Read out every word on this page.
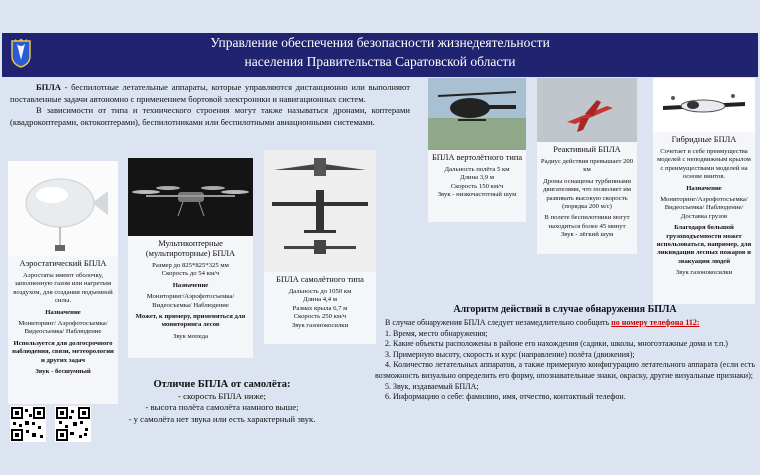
Управление обеспечения безопасности жизнедеятельности
населения Правительства Саратовской области

БПЛА - беспилотные летательные аппараты, которые управляются дистанционно или выполняют поставленные задачи автономно с применением бортовой электроники и навигационных систем.

В зависимости от типа и технического строения могут также называться дронами, коптерами (квадрокоптерами, октокоптерами), беспилотниками или беспилотными авиационными системами.

Аэростатический БПЛА

Аэростаты имеют оболочку, заполненную газом или нагретым воздухом, для создания подъемной силы.

Назначение

Мониторинг/ Аэрофотосъемка/Видеосъемка/ Наблюдение

Используется для долгосрочного наблюдения, связи, метеорологии и других задач

Звук - бесшумный

Мультикоптерные (мультироторные) БПЛА

Размер до 825*825*325 мм

Скорость до 54 км/ч

Назначение

Мониторинг/Аэрофотосъемка/ Видеосъемка/ Наблюдение

Может, к примеру, применяться для мониторинга лесов

Звук мопеда

БПЛА самолётного типа

Дальность до 1050 км

Длина 4,4 м

Размах крыла 6,7 м

Скорость 250 км/ч

Звук газонокосилки

БПЛА вертолётного типа

Дальность полёта 5 км

Длина 3,9 м

Скорость 150 км/ч

Звук - низкочастотный шум

Реактивный БПЛА

Радиус действия превышает 200 км

Дроны оснащены турбинными двигателями, что позволяет им развивать высокую скорость (порядка 200 м/с)

В полете беспилотники могут находиться более 45 минут

Звук - лёгкий шум

Гибридные БПЛА

Сочетает в себе преимущества моделей с неподвижным крылом с преимуществами моделей на основе винтов.

Назначение

Мониторинг/Аэрофотосъемка/ Видеосъемка/ Наблюдение/ Доставка грузов

Благодаря большой грузоподъемности может использоваться, например, для ликвидации лесных пожаров и эвакуации людей

Звук газонокосилки

Отличие БПЛА от самолёта:
- скорость БПЛА ниже;
- высота полёта самолёта намного выше;
- у самолёта нет звука или есть характерный звук.
Алгоритм действий в случае обнаружения БПЛА

В случае обнаружения БПЛА следует незамедлительно сообщить по номеру телефона 112:

1. Время, место обнаружения;

2. Какие объекты расположены в районе его нахождения (садики, школы, многоэтажные дома и т.п.)

3. Примерную высоту, скорость и курс (направление) полёта (движения);

4. Количество летательных аппаратов, а также примерную конфигурацию летательного аппарата (если есть возможность визуально определить его форму, опознавательные знаки, окраску, другие визуальные признаки);

5. Звук, издаваемый БПЛА;

6. Информацию о себе: фамилию, имя, отчество, контактный телефон.
